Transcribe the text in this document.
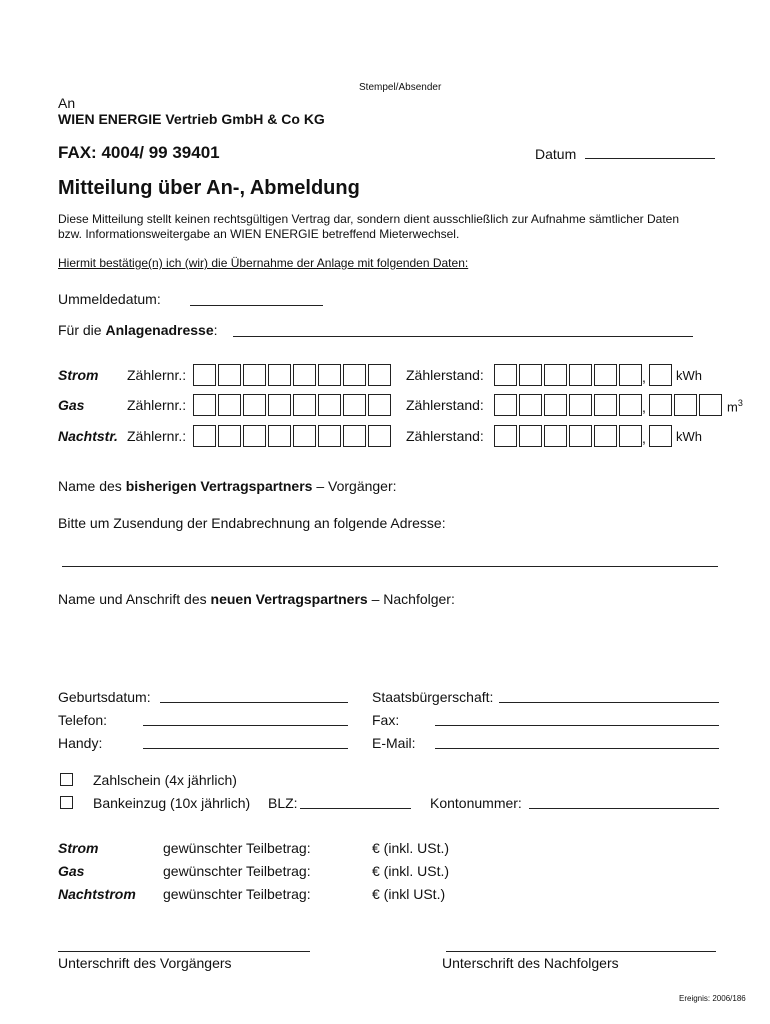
Stempel/Absender
An
WIEN ENERGIE Vertrieb GmbH & Co KG
FAX: 4004/ 99 39401	Datum
Mitteilung über An-, Abmeldung
Diese Mitteilung stellt keinen rechtsgültigen Vertrag dar, sondern dient ausschließlich zur Aufnahme sämtlicher Daten
bzw. Informationsweitergabe an WIEN ENERGIE betreffend Mieterwechsel.
Hiermit bestätige(n) ich (wir) die Übernahme der Anlage mit folgenden Daten:
Ummeldedatum:
Für die Anlagenadresse:
Strom Zählernr.:	Zählerstand:	, kWh
Gas	Zählernr.:	Zählerstand:	,	$m^3$
Nachtstr. Zählernr.:	Zählerstand:	, kWh
Name des bisherigen Vertragspartners – Vorgänger:
Bitte um Zusendung der Endabrechnung an folgende Adresse:
Name und Anschrift des neuen Vertragspartners – Nachfolger:
Geburtsdatum:	Staatsbürgerschaft:
Telefon:	Fax:
Handy:	E-Mail:
Zahlschein (4x jährlich)
Bankeinzug (10x jährlich) BLZ:	Kontonummer:
Strom	gewünschter Teilbetrag:	€ (inkl. USt.)
Gas	gewünschter Teilbetrag:	€ (inkl. USt.)
Nachtstrom gewünschter Teilbetrag:	€ (inkl USt.)
Unterschrift des Vorgängers	Unterschrift des Nachfolgers
Ereignis: 2006/186
